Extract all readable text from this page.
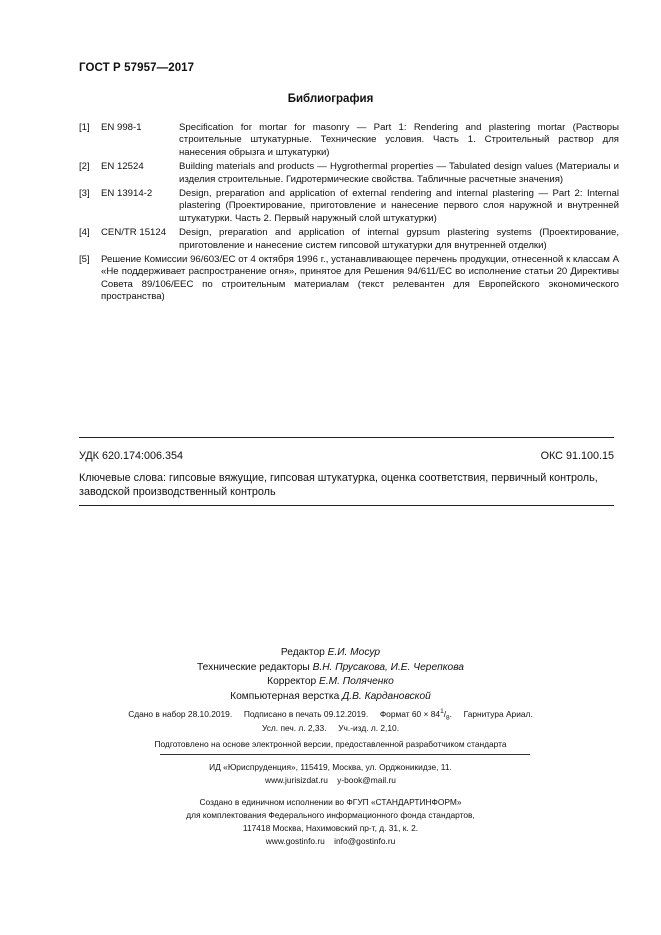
ГОСТ Р 57957—2017
Библиография
[1]	EN 998-1	Specification for mortar for masonry — Part 1: Rendering and plastering mortar (Растворы строительные штукатурные. Технические условия. Часть 1. Строительный раствор для нанесения обрызга и штукатурки)
[2]	EN 12524	Building materials and products — Hygrothermal properties — Tabulated design values (Материалы и изделия строительные. Гидротермические свойства. Табличные расчетные значения)
[3]	EN 13914-2	Design, preparation and application of external rendering and internal plastering — Part 2: Internal plastering (Проектирование, приготовление и нанесение первого слоя наружной и внутренней штукатурки. Часть 2. Первый наружный слой штукатурки)
[4]	CEN/TR 15124	Design, preparation and application of internal gypsum plastering systems (Проектирование, приготовление и нанесение систем гипсовой штукатурки для внутренней отделки)
[5]	Решение Комиссии 96/603/ЕС от 4 октября 1996 г., устанавливающее перечень продукции, отнесенной к классам А «Не поддерживает распространение огня», принятое для Решения 94/611/ЕС во исполнение статьи 20 Директивы Совета 89/106/ЕЕС по строительным материалам (текст релевантен для Европейского экономического пространства)
УДК 620.174:006.354	ОКС 91.100.15
Ключевые слова: гипсовые вяжущие, гипсовая штукатурка, оценка соответствия, первичный контроль, заводской производственный контроль
Редактор Е.И. Мосур
Технические редакторы В.Н. Прусакова, И.Е. Черепкова
Корректор Е.М. Поляченко
Компьютерная верстка Д.В. Кардановской
Сдано в набор 28.10.2019. Подписано в печать 09.12.2019. Формат $60 \times 84^1/_8$. Гарнитура Ариал.
Усл. печ. л. 2,33. Уч.-изд. л. 2,10.
Подготовлено на основе электронной версии, предоставленной разработчиком стандарта
ИД «Юриспруденция», 115419, Москва, ул. Орджоникидзе, 11.
www.jurisizdat.ru y-book@mail.ru
Создано в единичном исполнении во ФГУП «СТАНДАРТИНФОРМ»
для комплектования Федерального информационного фонда стандартов,
117418 Москва, Нахимовский пр-т, д. 31, к. 2.
www.gostinfo.ru info@gostinfo.ru
